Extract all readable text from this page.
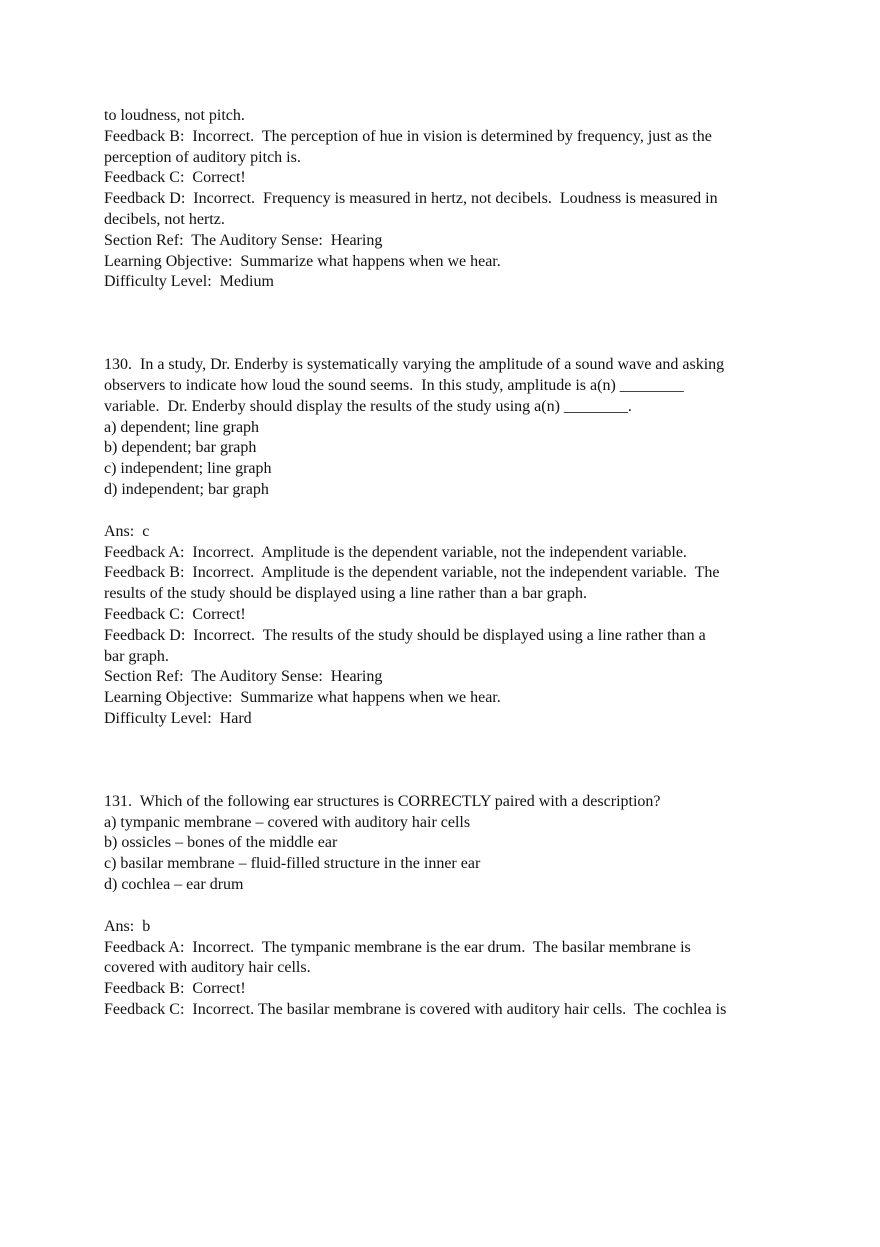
to loudness, not pitch.
Feedback B:  Incorrect.  The perception of hue in vision is determined by frequency, just as the
perception of auditory pitch is.
Feedback C:  Correct!
Feedback D:  Incorrect.  Frequency is measured in hertz, not decibels.  Loudness is measured in
decibels, not hertz.
Section Ref:  The Auditory Sense:  Hearing
Learning Objective:  Summarize what happens when we hear.
Difficulty Level:  Medium
130.  In a study, Dr. Enderby is systematically varying the amplitude of a sound wave and asking
observers to indicate how loud the sound seems.  In this study, amplitude is a(n) ________
variable.  Dr. Enderby should display the results of the study using a(n) ________.
a) dependent; line graph
b) dependent; bar graph
c) independent; line graph
d) independent; bar graph
Ans:  c
Feedback A:  Incorrect.  Amplitude is the dependent variable, not the independent variable.
Feedback B:  Incorrect.  Amplitude is the dependent variable, not the independent variable.  The
results of the study should be displayed using a line rather than a bar graph.
Feedback C:  Correct!
Feedback D:  Incorrect.  The results of the study should be displayed using a line rather than a
bar graph.
Section Ref:  The Auditory Sense:  Hearing
Learning Objective:  Summarize what happens when we hear.
Difficulty Level:  Hard
131.  Which of the following ear structures is CORRECTLY paired with a description?
a) tympanic membrane – covered with auditory hair cells
b) ossicles – bones of the middle ear
c) basilar membrane – fluid-filled structure in the inner ear
d) cochlea – ear drum
Ans:  b
Feedback A:  Incorrect.  The tympanic membrane is the ear drum.  The basilar membrane is
covered with auditory hair cells.
Feedback B:  Correct!
Feedback C:  Incorrect. The basilar membrane is covered with auditory hair cells.  The cochlea is
